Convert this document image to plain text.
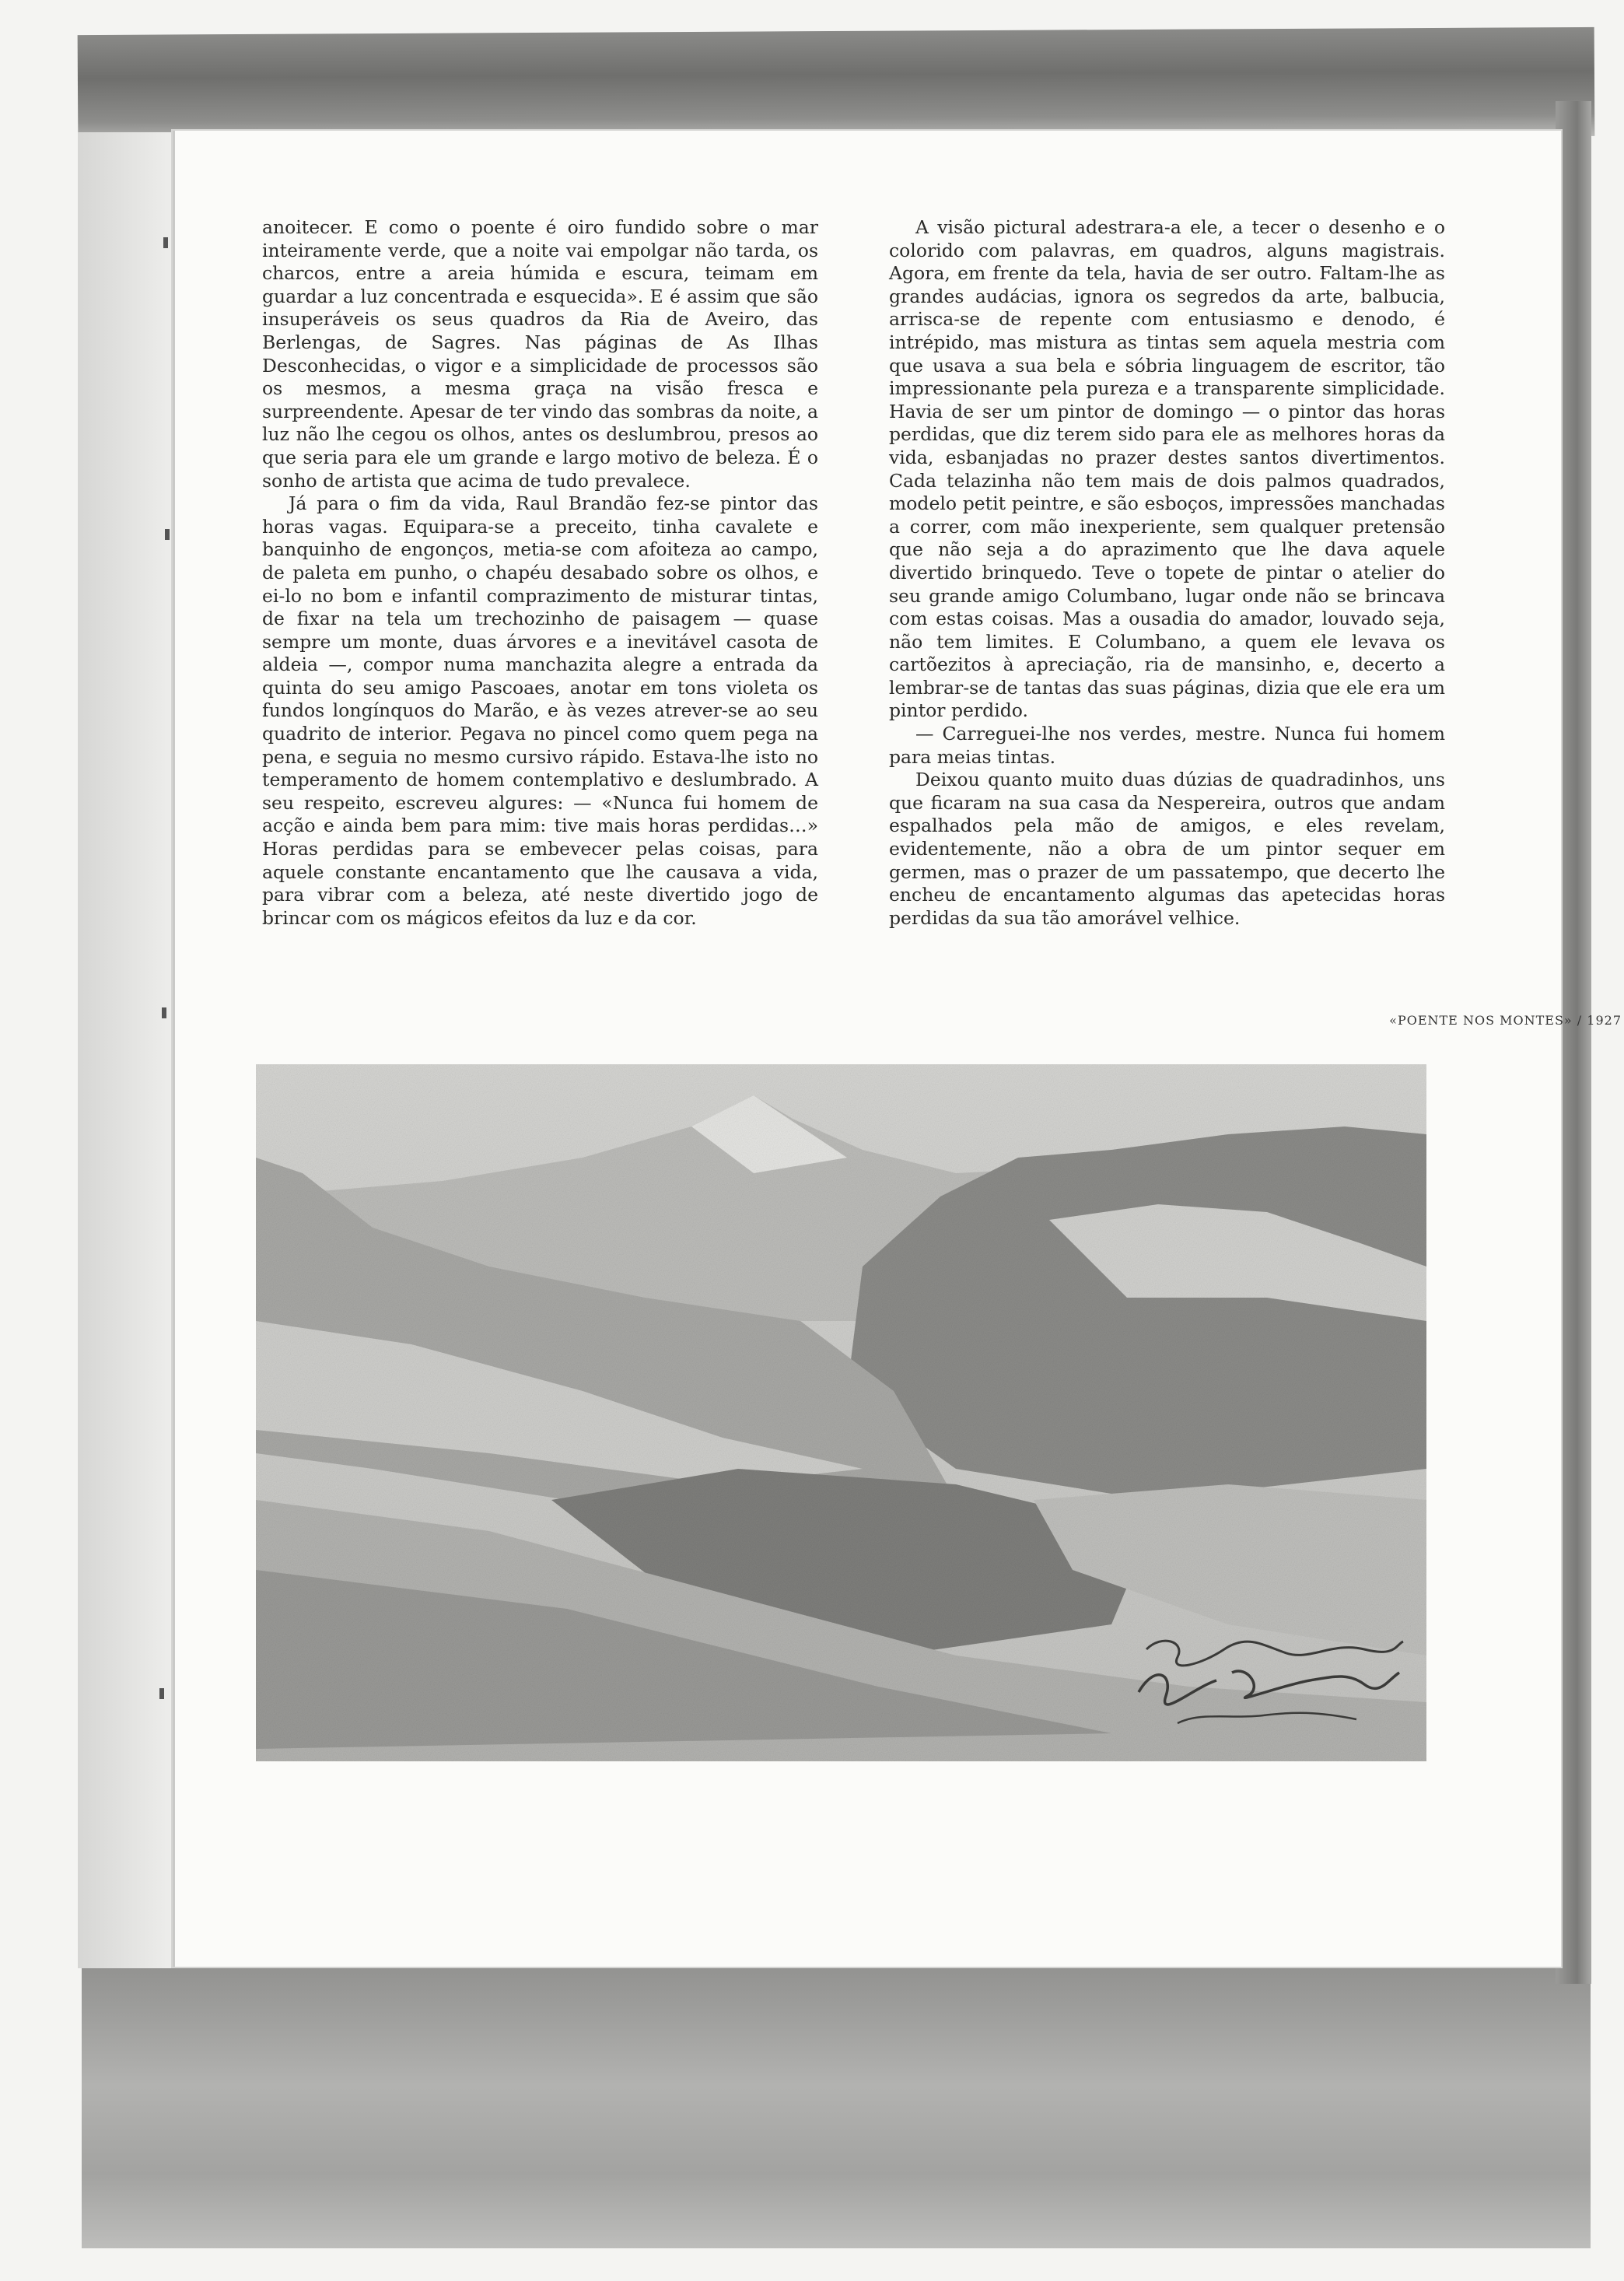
anoitecer. E como o poente é oiro fundido sobre o mar inteiramente verde, que a noite vai empolgar não tarda, os charcos, entre a areia húmida e escura, teimam em guardar a luz concentrada e esquecida». E é assim que são insuperáveis os seus quadros da Ria de Aveiro, das Berlengas, de Sagres. Nas páginas de As Ilhas Desconhecidas, o vigor e a simplicidade de processos são os mesmos, a mesma graça na visão fresca e surpreendente. Apesar de ter vindo das sombras da noite, a luz não lhe cegou os olhos, antes os deslumbrou, presos ao que seria para ele um grande e largo motivo de beleza. É o sonho de artista que acima de tudo prevalece.

Já para o fim da vida, Raul Brandão fez-se pintor das horas vagas. Equipara-se a preceito, tinha cavalete e banquinho de engonços, metia-se com afoiteza ao campo, de paleta em punho, o chapéu desabado sobre os olhos, e ei-lo no bom e infantil comprazimento de misturar tintas, de fixar na tela um trechozinho de paisagem — quase sempre um monte, duas árvores e a inevitável casota de aldeia —, compor numa manchazita alegre a entrada da quinta do seu amigo Pascoaes, anotar em tons violeta os fundos longínquos do Marão, e às vezes atrever-se ao seu quadrito de interior. Pegava no pincel como quem pega na pena, e seguia no mesmo cursivo rápido. Estava-lhe isto no temperamento de homem contemplativo e deslumbrado. A seu respeito, escreveu algures: — «Nunca fui homem de acção e ainda bem para mim: tive mais horas perdidas…» Horas perdidas para se embevecer pelas coisas, para aquele constante encantamento que lhe causava a vida, para vibrar com a beleza, até neste divertido jogo de brincar com os mágicos efeitos da luz e da cor.

A visão pictural adestrara-a ele, a tecer o desenho e o colorido com palavras, em quadros, alguns magistrais. Agora, em frente da tela, havia de ser outro. Faltam-lhe as grandes audácias, ignora os segredos da arte, balbucia, arrisca-se de repente com entusiasmo e denodo, é intrépido, mas mistura as tintas sem aquela mestria com que usava a sua bela e sóbria linguagem de escritor, tão impressionante pela pureza e a transparente simplicidade. Havia de ser um pintor de domingo — o pintor das horas perdidas, que diz terem sido para ele as melhores horas da vida, esbanjadas no prazer destes santos divertimentos. Cada telazinha não tem mais de dois palmos quadrados, modelo petit peintre, e são esboços, impressões manchadas a correr, com mão inexperiente, sem qualquer pretensão que não seja a do aprazimento que lhe dava aquele divertido brinquedo. Teve o topete de pintar o atelier do seu grande amigo Columbano, lugar onde não se brincava com estas coisas. Mas a ousadia do amador, louvado seja, não tem limites. E Columbano, a quem ele levava os cartõezitos à apreciação, ria de mansinho, e, decerto a lembrar-se de tantas das suas páginas, dizia que ele era um pintor perdido.

— Carreguei-lhe nos verdes, mestre. Nunca fui homem para meias tintas.

Deixou quanto muito duas dúzias de quadradinhos, uns que ficaram na sua casa da Nespereira, outros que andam espalhados pela mão de amigos, e eles revelam, evidentemente, não a obra de um pintor sequer em germen, mas o prazer de um passatempo, que decerto lhe encheu de encantamento algumas das apetecidas horas perdidas da sua tão amorável velhice.

«POENTE NOS MONTES» / 1927
